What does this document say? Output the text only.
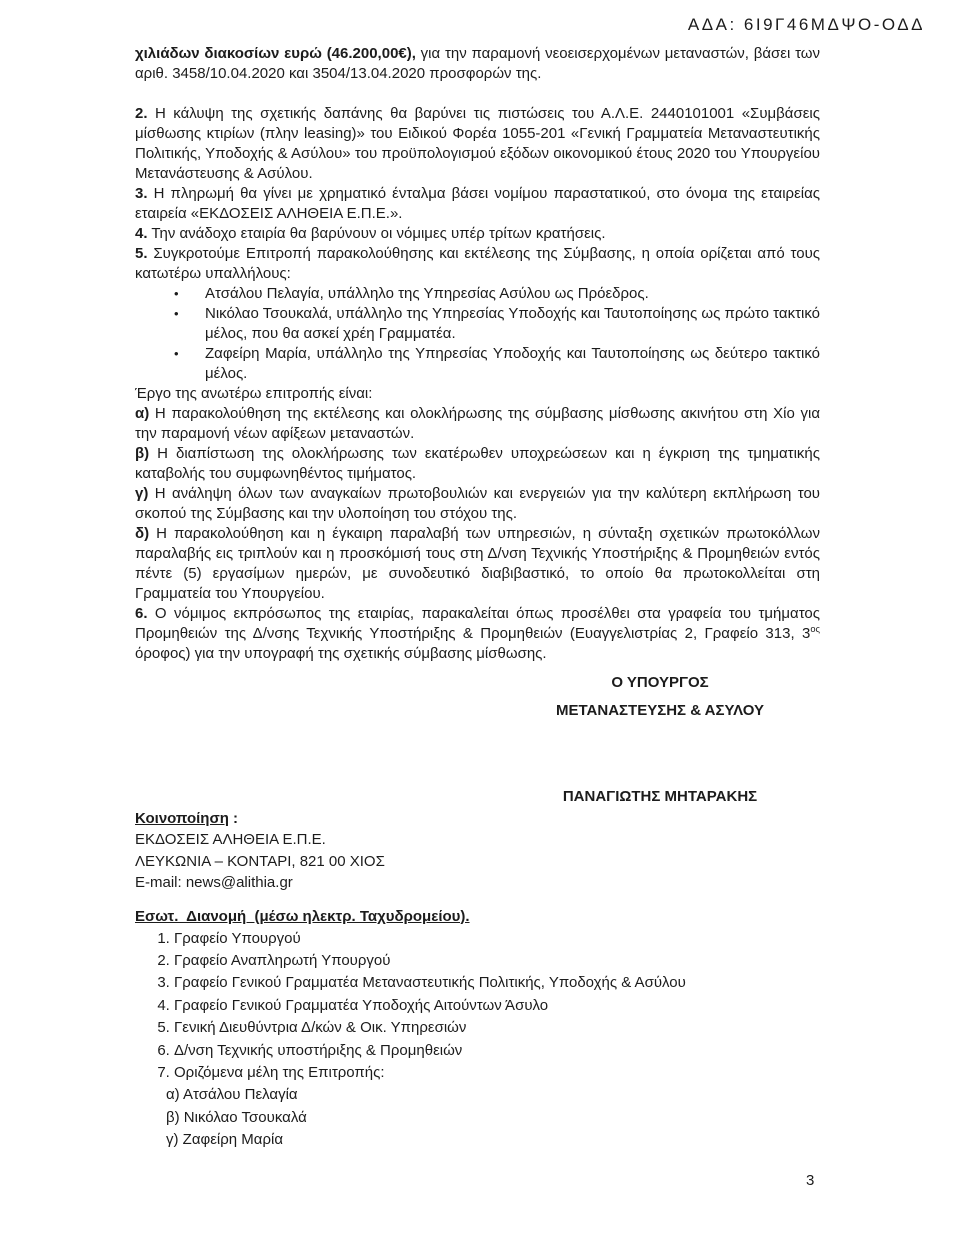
ΑΔΑ: 6Ι9Γ46ΜΔΨΟ-ΟΔΔ

χιλιάδων διακοσίων ευρώ (46.200,00€), για την παραμονή νεοεισερχομένων μεταναστών, βάσει των αριθ. 3458/10.04.2020 και 3504/13.04.2020 προσφορών της.

2. Η κάλυψη της σχετικής δαπάνης θα βαρύνει τις πιστώσεις του Α.Λ.Ε. 2440101001 «Συμβάσεις μίσθωσης κτιρίων (πλην leasing)» του Ειδικού Φορέα 1055-201 «Γενική Γραμματεία Μεταναστευτικής Πολιτικής, Υποδοχής & Ασύλου» του προϋπολογισμού εξόδων οικονομικού έτους 2020 του Υπουργείου Μετανάστευσης & Ασύλου.

3. Η πληρωμή θα γίνει με χρηματικό ένταλμα βάσει νομίμου παραστατικού, στο όνομα της εταιρείας εταιρεία «ΕΚΔΟΣΕΙΣ ΑΛΗΘΕΙΑ Ε.Π.Ε.».

4. Την ανάδοχο εταιρία θα βαρύνουν οι νόμιμες υπέρ τρίτων κρατήσεις.

5. Συγκροτούμε Επιτροπή παρακολούθησης και εκτέλεσης της Σύμβασης, η οποία ορίζεται από τους κατωτέρω υπαλλήλους:

• Ατσάλου Πελαγία, υπάλληλο της Υπηρεσίας Ασύλου ως Πρόεδρος.
• Νικόλαο Τσουκαλά, υπάλληλο της Υπηρεσίας Υποδοχής και Ταυτοποίησης ως πρώτο τακτικό μέλος, που θα ασκεί χρέη Γραμματέα.
• Ζαφείρη Μαρία, υπάλληλο της Υπηρεσίας Υποδοχής και Ταυτοποίησης ως δεύτερο τακτικό μέλος.

Έργο της ανωτέρω επιτροπής είναι:

α) Η παρακολούθηση της εκτέλεσης και ολοκλήρωσης της σύμβασης μίσθωσης ακινήτου στη Χίο για την παραμονή νέων αφίξεων μεταναστών.

β) Η διαπίστωση της ολοκλήρωσης των εκατέρωθεν υποχρεώσεων και η έγκριση της τμηματικής καταβολής του συμφωνηθέντος τιμήματος.

γ) Η ανάληψη όλων των αναγκαίων πρωτοβουλιών και ενεργειών για την καλύτερη εκπλήρωση του σκοπού της Σύμβασης και την υλοποίηση του στόχου της.

δ) Η παρακολούθηση και η έγκαιρη παραλαβή των υπηρεσιών, η σύνταξη σχετικών πρωτοκόλλων παραλαβής εις τριπλούν και η προσκόμισή τους στη Δ/νση Τεχνικής Υποστήριξης & Προμηθειών εντός πέντε (5) εργασίμων ημερών, με συνοδευτικό διαβιβαστικό, το οποίο θα πρωτοκολλείται στη Γραμματεία του Υπουργείου.

6. Ο νόμιμος εκπρόσωπος της εταιρίας, παρακαλείται όπως προσέλθει στα γραφεία του τμήματος Προμηθειών της Δ/νσης Τεχνικής Υποστήριξης & Προμηθειών (Ευαγγελιστρίας 2, Γραφείο 313, $3^{o\varsigma}$ όροφος) για την υπογραφή της σχετικής σύμβασης μίσθωσης.

Ο ΥΠΟΥΡΓΟΣ
ΜΕΤΑΝΑΣΤΕΥΣΗΣ & ΑΣΥΛΟΥ
ΠΑΝΑΓΙΩΤΗΣ ΜΗΤΑΡΑΚΗΣ
Κοινοποίηση :
ΕΚΔΟΣΕΙΣ ΑΛΗΘΕΙΑ Ε.Π.Ε.
ΛΕΥΚΩΝΙΑ – ΚΟΝΤΑΡΙ, 821 00 ΧΙΟΣ
E-mail: news@alithia.gr
Εσωτ.  Διανομή  (μέσω ηλεκτρ. Ταχυδρομείου).
1. Γραφείο Υπουργού
2. Γραφείο Αναπληρωτή Υπουργού
3. Γραφείο Γενικού Γραμματέα Μεταναστευτικής Πολιτικής, Υποδοχής & Ασύλου
4. Γραφείο Γενικού Γραμματέα Υποδοχής Αιτούντων Άσυλο
5. Γενική Διευθύντρια Δ/κών & Οικ. Υπηρεσιών
6. Δ/νση Τεχνικής υποστήριξης & Προμηθειών
7. Οριζόμενα μέλη της Επιτροπής:
α) Ατσάλου Πελαγία
β) Νικόλαο Τσουκαλά
γ) Ζαφείρη Μαρία
3
